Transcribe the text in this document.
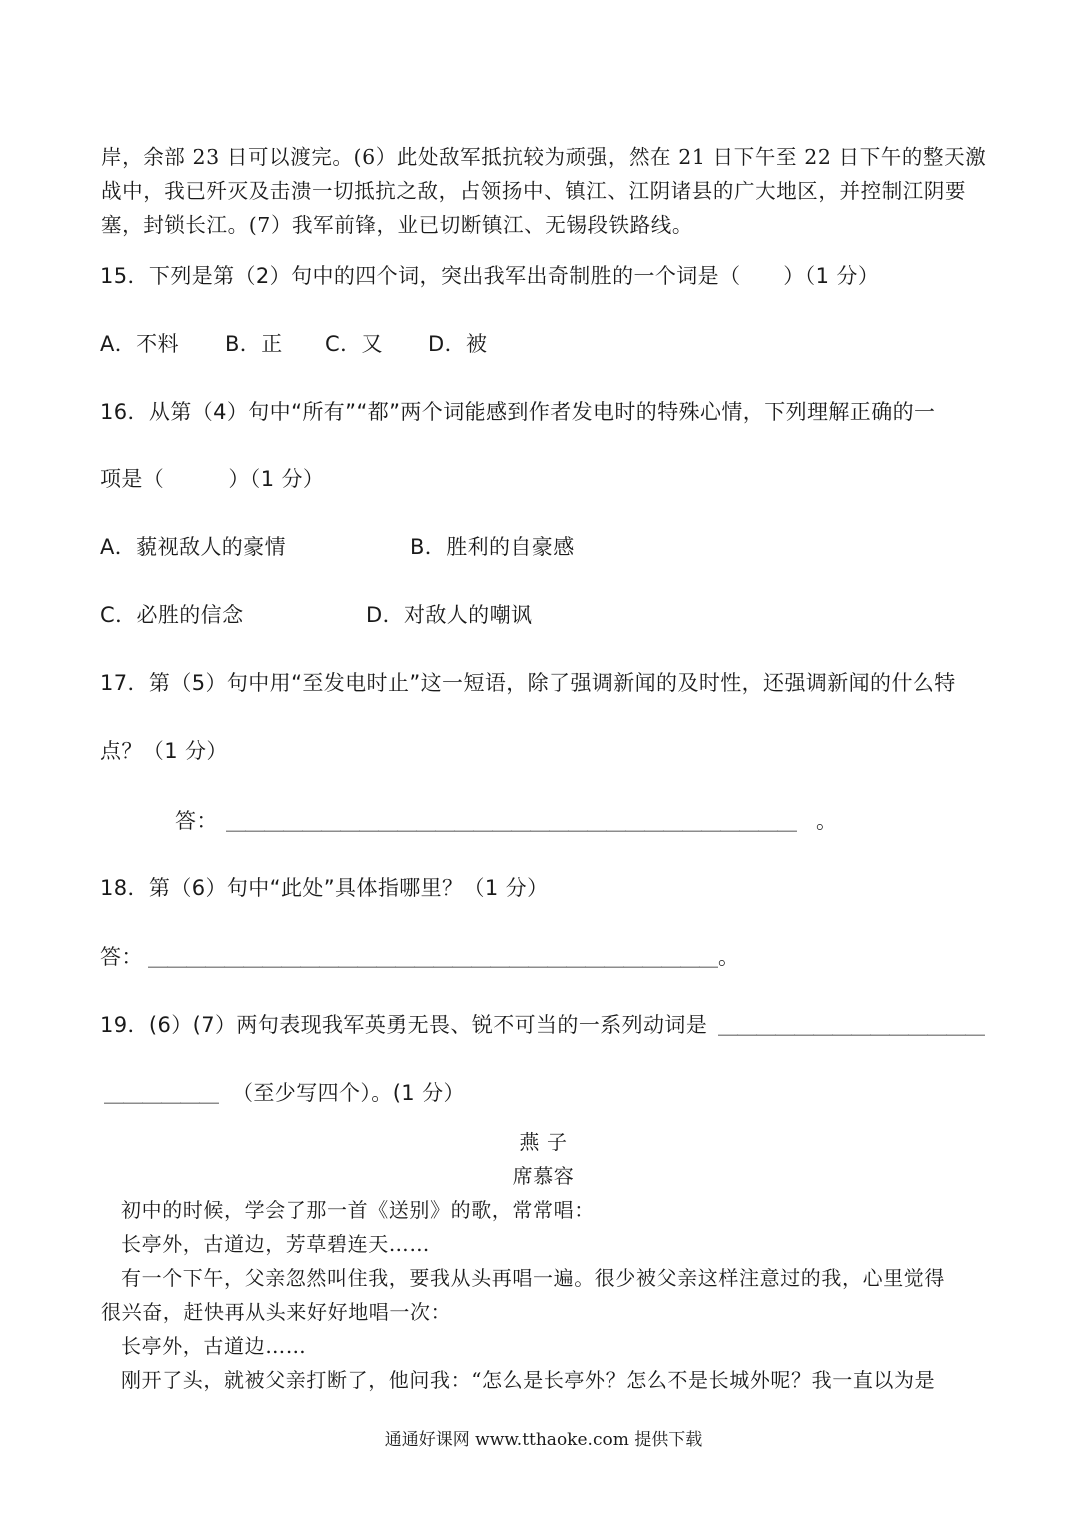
岸，余部 23 日可以渡完。(6）此处敌军抵抗较为顽强，然在 21 日下午至 22 日下午的整天激
战中，我已歼灭及击溃一切抵抗之敌，占领扬中、镇江、江阴诸县的广大地区，并控制江阴要
塞，封锁长江。(7）我军前锋，业已切断镇江、无锡段铁路线。
15．下列是第（2）句中的四个词，突出我军出奇制胜的一个词是（　　）（1 分）
A．不料 B．正 C．又 D．被
16．从第（4）句中“所有”“都”两个词能感到作者发电时的特殊心情，下列理解正确的一
项是（　　　）（1 分）
A．藐视敌人的豪情	B．胜利的自豪感
C．必胜的信念	D．对敌人的嘲讽
17．第（5）句中用“至发电时止”这一短语，除了强调新闻的及时性，还强调新闻的什么特
点？（1 分）
答： ＿＿＿＿＿＿＿＿＿＿＿＿＿＿＿＿＿＿＿＿＿＿＿＿＿＿＿＿＿＿ 。
18．第（6）句中“此处”具体指哪里？（1 分）
答： ＿＿＿＿＿＿＿＿＿＿＿＿＿＿＿＿＿＿＿＿＿＿＿＿＿＿＿＿＿＿ 。
19．(6）(7）两句表现我军英勇无畏、锐不可当的一系列动词是 ＿＿＿＿＿＿＿＿＿＿＿＿＿＿
＿＿＿＿＿＿ （至少写四个）。(1 分）
燕 子
席慕容
初中的时候，学会了那一首《送别》的歌，常常唱：
长亭外，古道边，芳草碧连天……
有一个下午，父亲忽然叫住我，要我从头再唱一遍。很少被父亲这样注意过的我，心里觉得
很兴奋，赶快再从头来好好地唱一次：
长亭外，古道边……
刚开了头，就被父亲打断了，他问我：“怎么是长亭外？怎么不是长城外呢？我一直以为是
通通好课网 www.tthaoke.com 提供下载
